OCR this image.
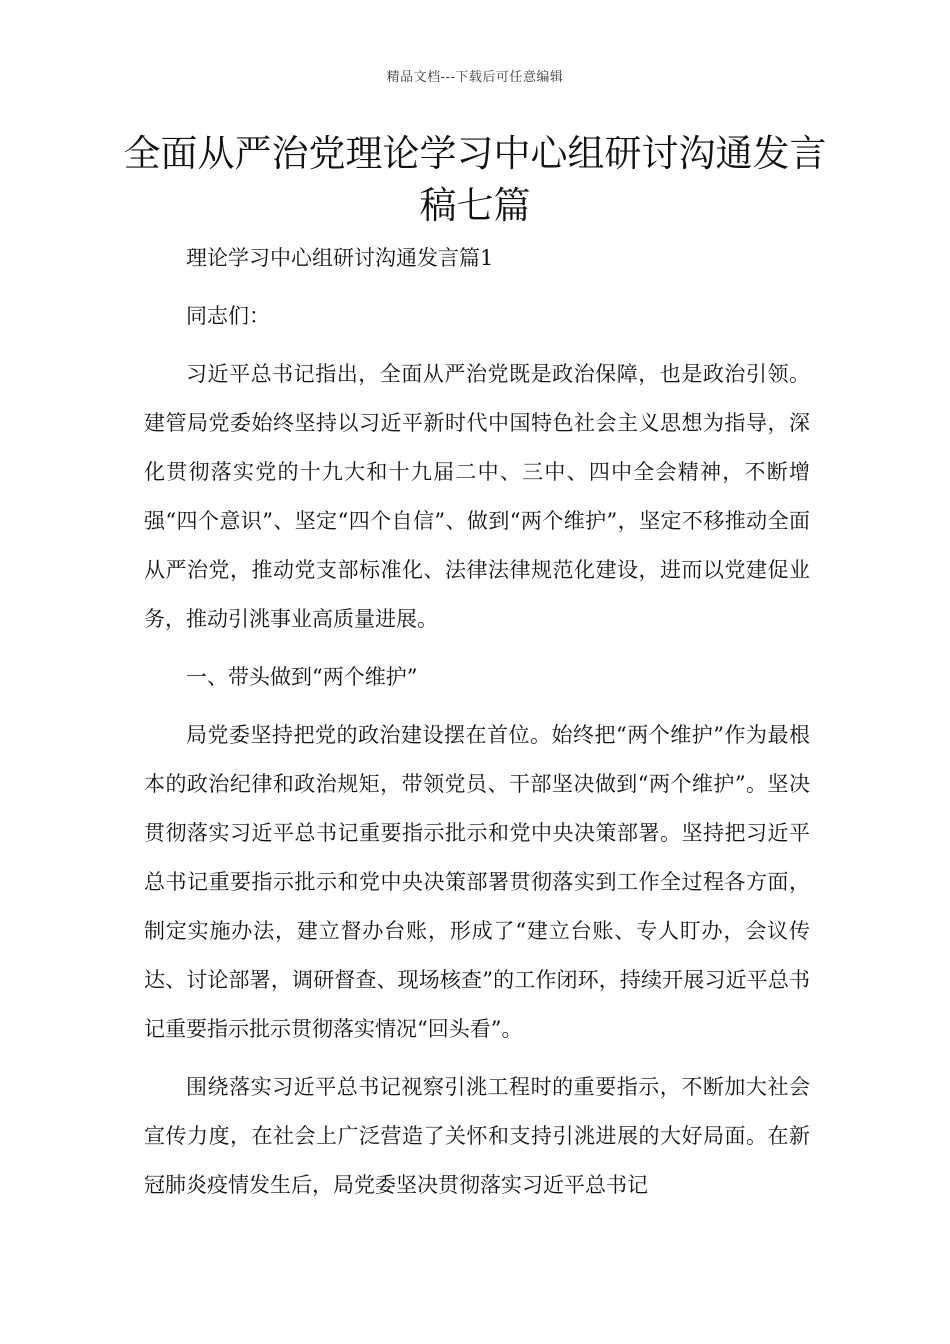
精品文档---下载后可任意编辑
全面从严治党理论学习中心组研讨沟通发言稿七篇

理论学习中心组研讨沟通发言篇1

同志们：

习近平总书记指出，全面从严治党既是政治保障，也是政治引领。建管局党委始终坚持以习近平新时代中国特色社会主义思想为指导，深化贯彻落实党的十九大和十九届二中、三中、四中全会精神，不断增强“四个意识”、坚定“四个自信”、做到“两个维护”，坚定不移推动全面从严治党，推动党支部标准化、法律法律规范化建设，进而以党建促业务，推动引洮事业高质量进展。

一、带头做到“两个维护”

局党委坚持把党的政治建设摆在首位。始终把“两个维护”作为最根本的政治纪律和政治规矩，带领党员、干部坚决做到“两个维护”。坚决贯彻落实习近平总书记重要指示批示和党中央决策部署。坚持把习近平总书记重要指示批示和党中央决策部署贯彻落实到工作全过程各方面，制定实施办法，建立督办台账，形成了“建立台账、专人盯办，会议传达、讨论部署，调研督查、现场核查”的工作闭环，持续开展习近平总书记重要指示批示贯彻落实情况“回头看”。

围绕落实习近平总书记视察引洮工程时的重要指示，不断加大社会宣传力度，在社会上广泛营造了关怀和支持引洮进展的大好局面。在新冠肺炎疫情发生后，局党委坚决贯彻落实习近平总书记
